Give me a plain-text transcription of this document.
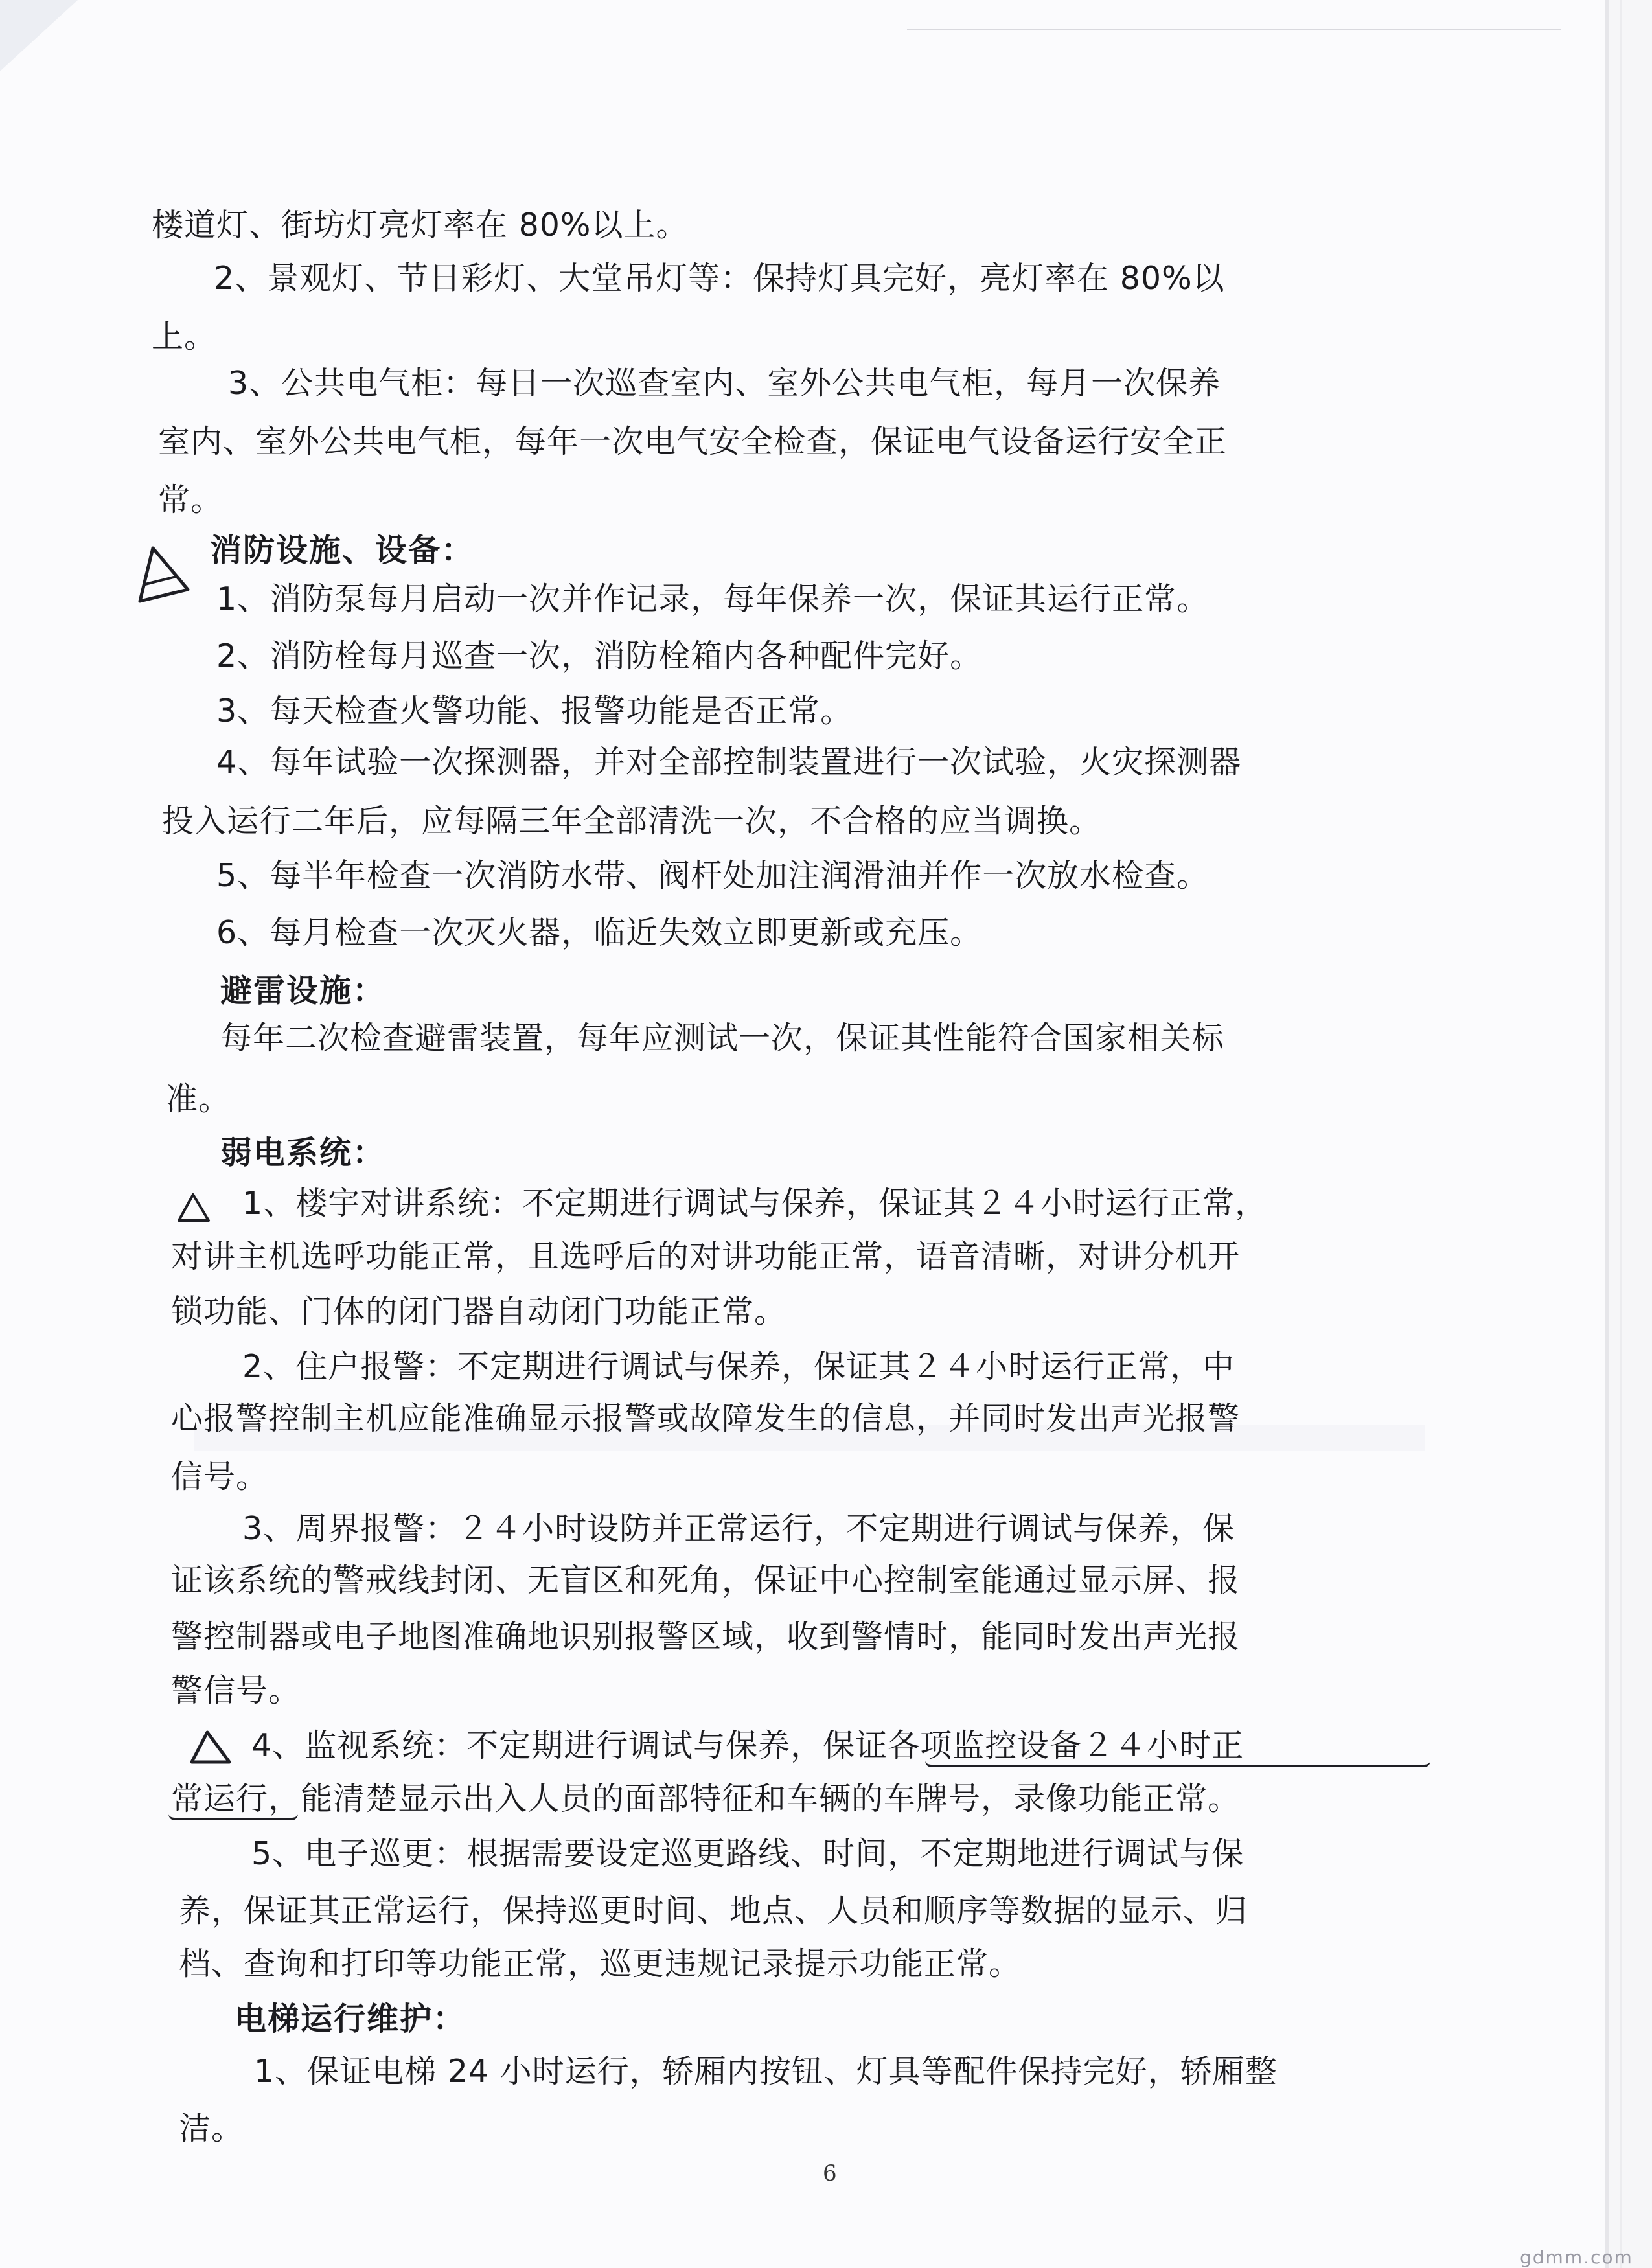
楼道灯、街坊灯亮灯率在 80%以上。
2、景观灯、节日彩灯、大堂吊灯等：保持灯具完好，亮灯率在 80%以
上。
3、公共电气柜：每日一次巡查室内、室外公共电气柜，每月一次保养
室内、室外公共电气柜，每年一次电气安全检查，保证电气设备运行安全正
常。
消防设施、设备：
1、消防泵每月启动一次并作记录，每年保养一次，保证其运行正常。
2、消防栓每月巡查一次，消防栓箱内各种配件完好。
3、每天检查火警功能、报警功能是否正常。
4、每年试验一次探测器，并对全部控制装置进行一次试验，火灾探测器
投入运行二年后，应每隔三年全部清洗一次，不合格的应当调换。
5、每半年检查一次消防水带、阀杆处加注润滑油并作一次放水检查。
6、每月检查一次灭火器，临近失效立即更新或充压。
避雷设施：
每年二次检查避雷装置，每年应测试一次，保证其性能符合国家相关标
准。
弱电系统：
1、楼宇对讲系统：不定期进行调试与保养，保证其２４小时运行正常，
对讲主机选呼功能正常，且选呼后的对讲功能正常，语音清晰，对讲分机开
锁功能、门体的闭门器自动闭门功能正常。
2、住户报警：不定期进行调试与保养，保证其２４小时运行正常，中
心报警控制主机应能准确显示报警或故障发生的信息，并同时发出声光报警
信号。
3、周界报警：２４小时设防并正常运行，不定期进行调试与保养，保
证该系统的警戒线封闭、无盲区和死角，保证中心控制室能通过显示屏、报
警控制器或电子地图准确地识别报警区域，收到警情时，能同时发出声光报
警信号。
4、监视系统：不定期进行调试与保养，保证各项监控设备２４小时正
常运行，能清楚显示出入人员的面部特征和车辆的车牌号，录像功能正常。
5、电子巡更：根据需要设定巡更路线、时间，不定期地进行调试与保
养，保证其正常运行，保持巡更时间、地点、人员和顺序等数据的显示、归
档、查询和打印等功能正常，巡更违规记录提示功能正常。
电梯运行维护：
1、保证电梯 24 小时运行，轿厢内按钮、灯具等配件保持完好，轿厢整
洁。
6
gdmm.com
